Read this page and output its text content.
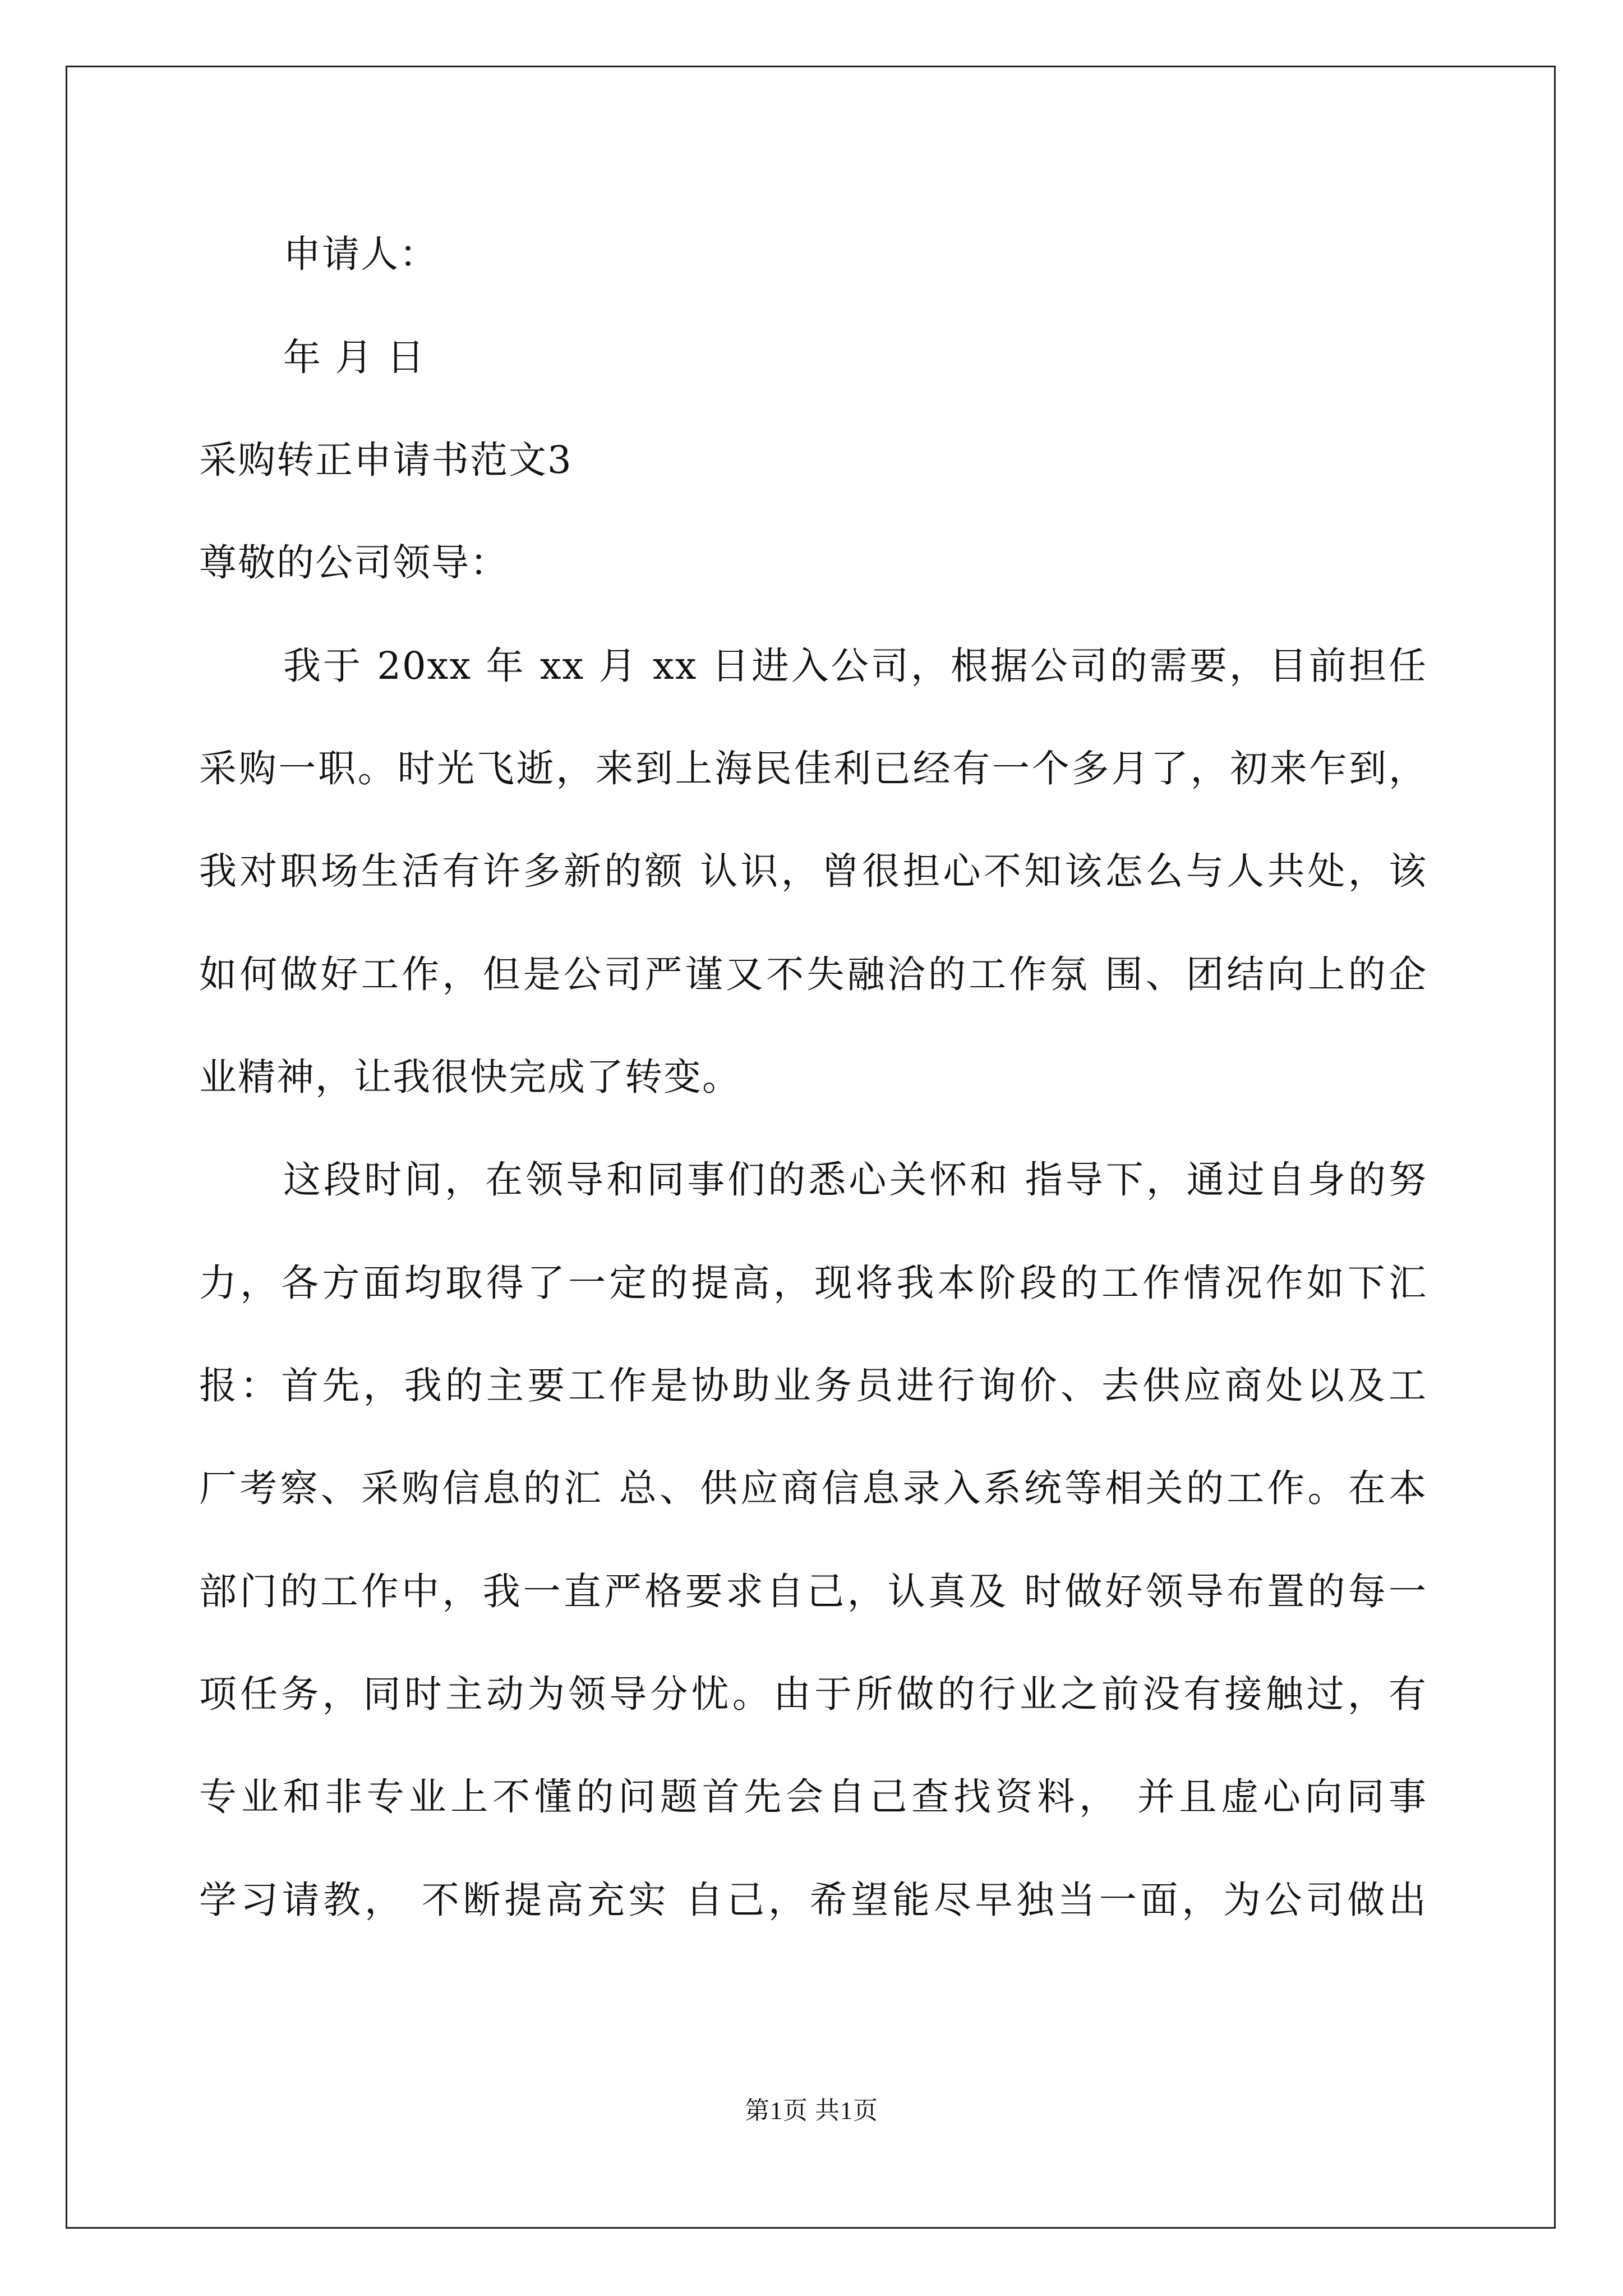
申请人：
年 月 日
采购转正申请书范文3
尊敬的公司领导：
我于 20xx 年 xx 月 xx 日进入公司，根据公司的需要，目前担任
采购一职。时光飞逝，来到上海民佳利已经有一个多月了，初来乍到，
我对职场生活有许多新的额 认识，曾很担心不知该怎么与人共处，该
如何做好工作，但是公司严谨又不失融洽的工作氛 围、团结向上的企
业精神，让我很快完成了转变。
这段时间，在领导和同事们的悉心关怀和 指导下，通过自身的努
力，各方面均取得了一定的提高，现将我本阶段的工作情况作如下汇
报：首先，我的主要工作是协助业务员进行询价、去供应商处以及工
厂考察、采购信息的汇 总、供应商信息录入系统等相关的工作。在本
部门的工作中，我一直严格要求自己，认真及 时做好领导布置的每一
项任务，同时主动为领导分忧。由于所做的行业之前没有接触过，有
专业和非专业上不懂的问题首先会自己查找资料， 并且虚心向同事
学习请教， 不断提高充实 自己，希望能尽早独当一面，为公司做出
第1页 共1页
